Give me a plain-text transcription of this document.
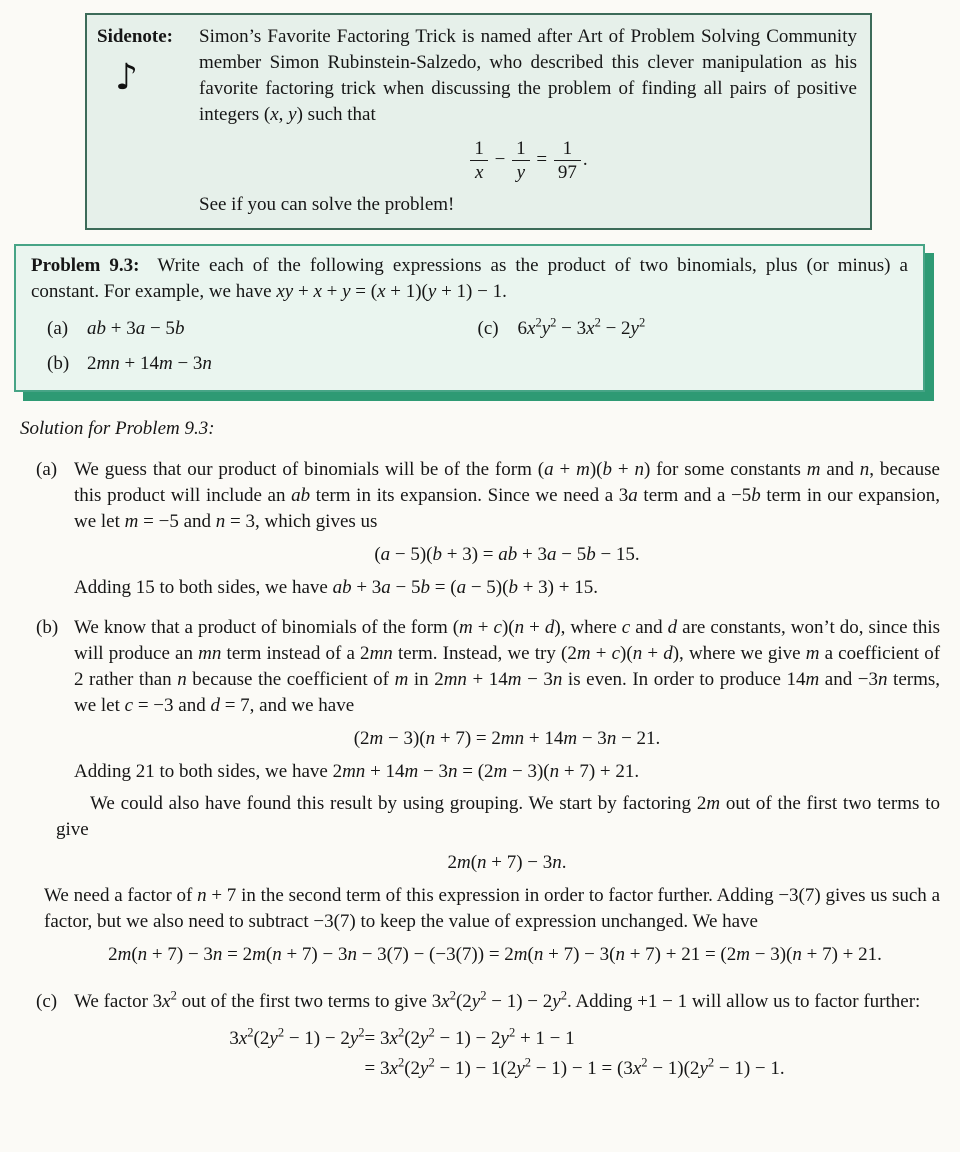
Sidenote:
♪

Simon’s Favorite Factoring Trick is named after Art of Problem Solving Community member Simon Rubinstein-Salzedo, who described this clever manipulation as his favorite factoring trick when discussing the problem of finding all pairs of positive integers (x, y) such that

$\frac{1}{x} - \frac{1}{y} = \frac{1}{97}$ .

See if you can solve the problem!

Problem 9.3: Write each of the following expressions as the product of two binomials, plus (or minus) a constant. For example, we have xy + x + y = (x + 1)(y + 1) − 1.

(a) ab + 3a − 5b	(c) $6x^2y^2 - 3x^2 - 2y^2$
(b) 2mn + 14m − 3n

Solution for Problem 9.3:

(a) We guess that our product of binomials will be of the form (a + m)(b + n) for some constants m and n, because this product will include an ab term in its expansion. Since we need a 3a term and a −5b term in our expansion, we let m = −5 and n = 3, which gives us

(a − 5)(b + 3) = ab + 3a − 5b − 15.

Adding 15 to both sides, we have ab + 3a − 5b = (a − 5)(b + 3) + 15.

(b) We know that a product of binomials of the form (m + c)(n + d), where c and d are constants, won’t do, since this will produce an mn term instead of a 2mn term. Instead, we try (2m + c)(n + d), where we give m a coefficient of 2 rather than n because the coefficient of m in 2mn + 14m − 3n is even. In order to produce 14m and −3n terms, we let c = −3 and d = 7, and we have

(2m − 3)(n + 7) = 2mn + 14m − 3n − 21.

Adding 21 to both sides, we have 2mn + 14m − 3n = (2m − 3)(n + 7) + 21.

We could also have found this result by using grouping. We start by factoring 2m out of the first two terms to give

2m(n + 7) − 3n.

We need a factor of n + 7 in the second term of this expression in order to factor further. Adding −3(7) gives us such a factor, but we also need to subtract −3(7) to keep the value of expression unchanged. We have

2m(n + 7) − 3n = 2m(n + 7) − 3n − 3(7) − (−3(7)) = 2m(n + 7) − 3(n + 7) + 21 = (2m − 3)(n + 7) + 21.
(c) We factor $3x^2$ out of the first two terms to give $3x^2(2y^2 - 1) - 2y^2$. Adding +1 − 1 will allow us to factor further:

$3x^2(2y^2 - 1) - 2y^2 = 3x^2(2y^2 - 1) - 2y^2 + 1 - 1$
= $3x^2(2y^2 - 1) - 1(2y^2 - 1) - 1 = (3x^2 - 1)(2y^2 - 1) - 1$.
